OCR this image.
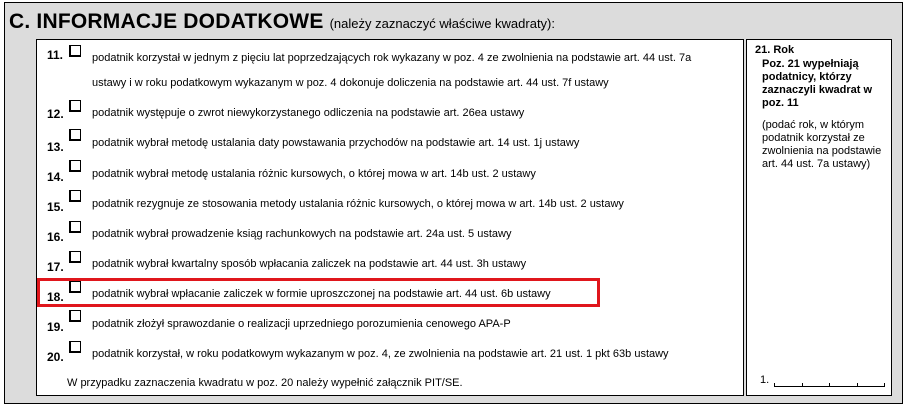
C. INFORMACJE DODATKOWE (należy zaznaczyć właściwe kwadraty):
11.	podatnik korzystał w jednym z pięciu lat poprzedzających rok wykazany w poz. 4 ze zwolnienia na podstawie art. 44 ust. 7a
ustawy i w roku podatkowym wykazanym w poz. 4 dokonuje doliczenia na podstawie art. 44 ust. 7f ustawy
12.	podatnik występuje o zwrot niewykorzystanego odliczenia na podstawie art. 26ea ustawy
13.	podatnik wybrał metodę ustalania daty powstawania przychodów na podstawie art. 14 ust. 1j ustawy
14.	podatnik wybrał metodę ustalania różnic kursowych, o której mowa w art. 14b ust. 2 ustawy
15.	podatnik rezygnuje ze stosowania metody ustalania różnic kursowych, o której mowa w art. 14b ust. 2 ustawy
16.	podatnik wybrał prowadzenie ksiąg rachunkowych na podstawie art. 24a ust. 5 ustawy
17.	podatnik wybrał kwartalny sposób wpłacania zaliczek na podstawie art. 44 ust. 3h ustawy
18.	podatnik wybrał wpłacanie zaliczek w formie uproszczonej na podstawie art. 44 ust. 6b ustawy
19.	podatnik złożył sprawozdanie o realizacji uprzedniego porozumienia cenowego APA-P
20.	podatnik korzystał, w roku podatkowym wykazanym w poz. 4, ze zwolnienia na podstawie art. 21 ust. 1 pkt 63b ustawy
W przypadku zaznaczenia kwadratu w poz. 20 należy wypełnić załącznik PIT/SE.
21. Rok
Poz. 21 wypełniają podatnicy, którzy zaznaczyli kwadrat w poz. 11
(podać rok, w którym podatnik korzystał ze zwolnienia na podstawie art. 44 ust. 7a ustawy)
1.
